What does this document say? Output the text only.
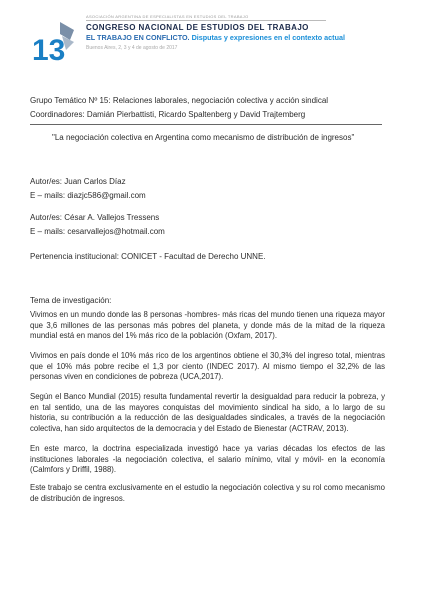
13
ASOCIACIÓN ARGENTINA DE ESPECIALISTAS EN ESTUDIOS DEL TRABAJO
CONGRESO NACIONAL DE ESTUDIOS DEL TRABAJO
EL TRABAJO EN CONFLICTO. Disputas y expresiones en el contexto actual
Buenos Aires, 2, 3 y 4 de agosto de 2017
Grupo Temático Nº 15: Relaciones laborales, negociación colectiva y acción sindical
Coordinadores: Damián Pierbattisti, Ricardo Spaltenberg y David Trajtemberg
"La negociación colectiva en Argentina como mecanismo de distribución de ingresos"
Autor/es: Juan Carlos Díaz
E – mails: diazjc586@gmail.com
Autor/es: César A. Vallejos Tressens
E – mails: cesarvallejos@hotmail.com
Pertenencia institucional: CONICET - Facultad de Derecho UNNE.
Tema de investigación:
Vivimos en un mundo donde las 8 personas -hombres- más ricas del mundo tienen una riqueza mayor que 3,6 millones de las personas más pobres del planeta, y donde más de la mitad de la riqueza mundial está en manos del 1% más rico de la población (Oxfam, 2017).
Vivimos en país donde el 10% más rico de los argentinos obtiene el 30,3% del ingreso total, mientras que el 10% más pobre recibe el 1,3 por ciento (INDEC 2017). Al mismo tiempo el 32,2% de las personas viven en condiciones de pobreza (UCA,2017).
Según el Banco Mundial (2015) resulta fundamental revertir la desigualdad para reducir la pobreza, y en tal sentido, una de las mayores conquistas del movimiento sindical ha sido, a lo largo de su historia, su contribución a la reducción de las desigualdades sindicales, a través de la negociación colectiva, han sido arquitectos de la democracia y del Estado de Bienestar (ACTRAV, 2013).
En este marco, la doctrina especializada investigó hace ya varias décadas los efectos de las instituciones laborales -la negociación colectiva, el salario mínimo, vital y móvil- en la economía (Calmfors y Driffil, 1988).
Este trabajo se centra exclusivamente en el estudio la negociación colectiva y su rol como mecanismo de distribución de ingresos.
